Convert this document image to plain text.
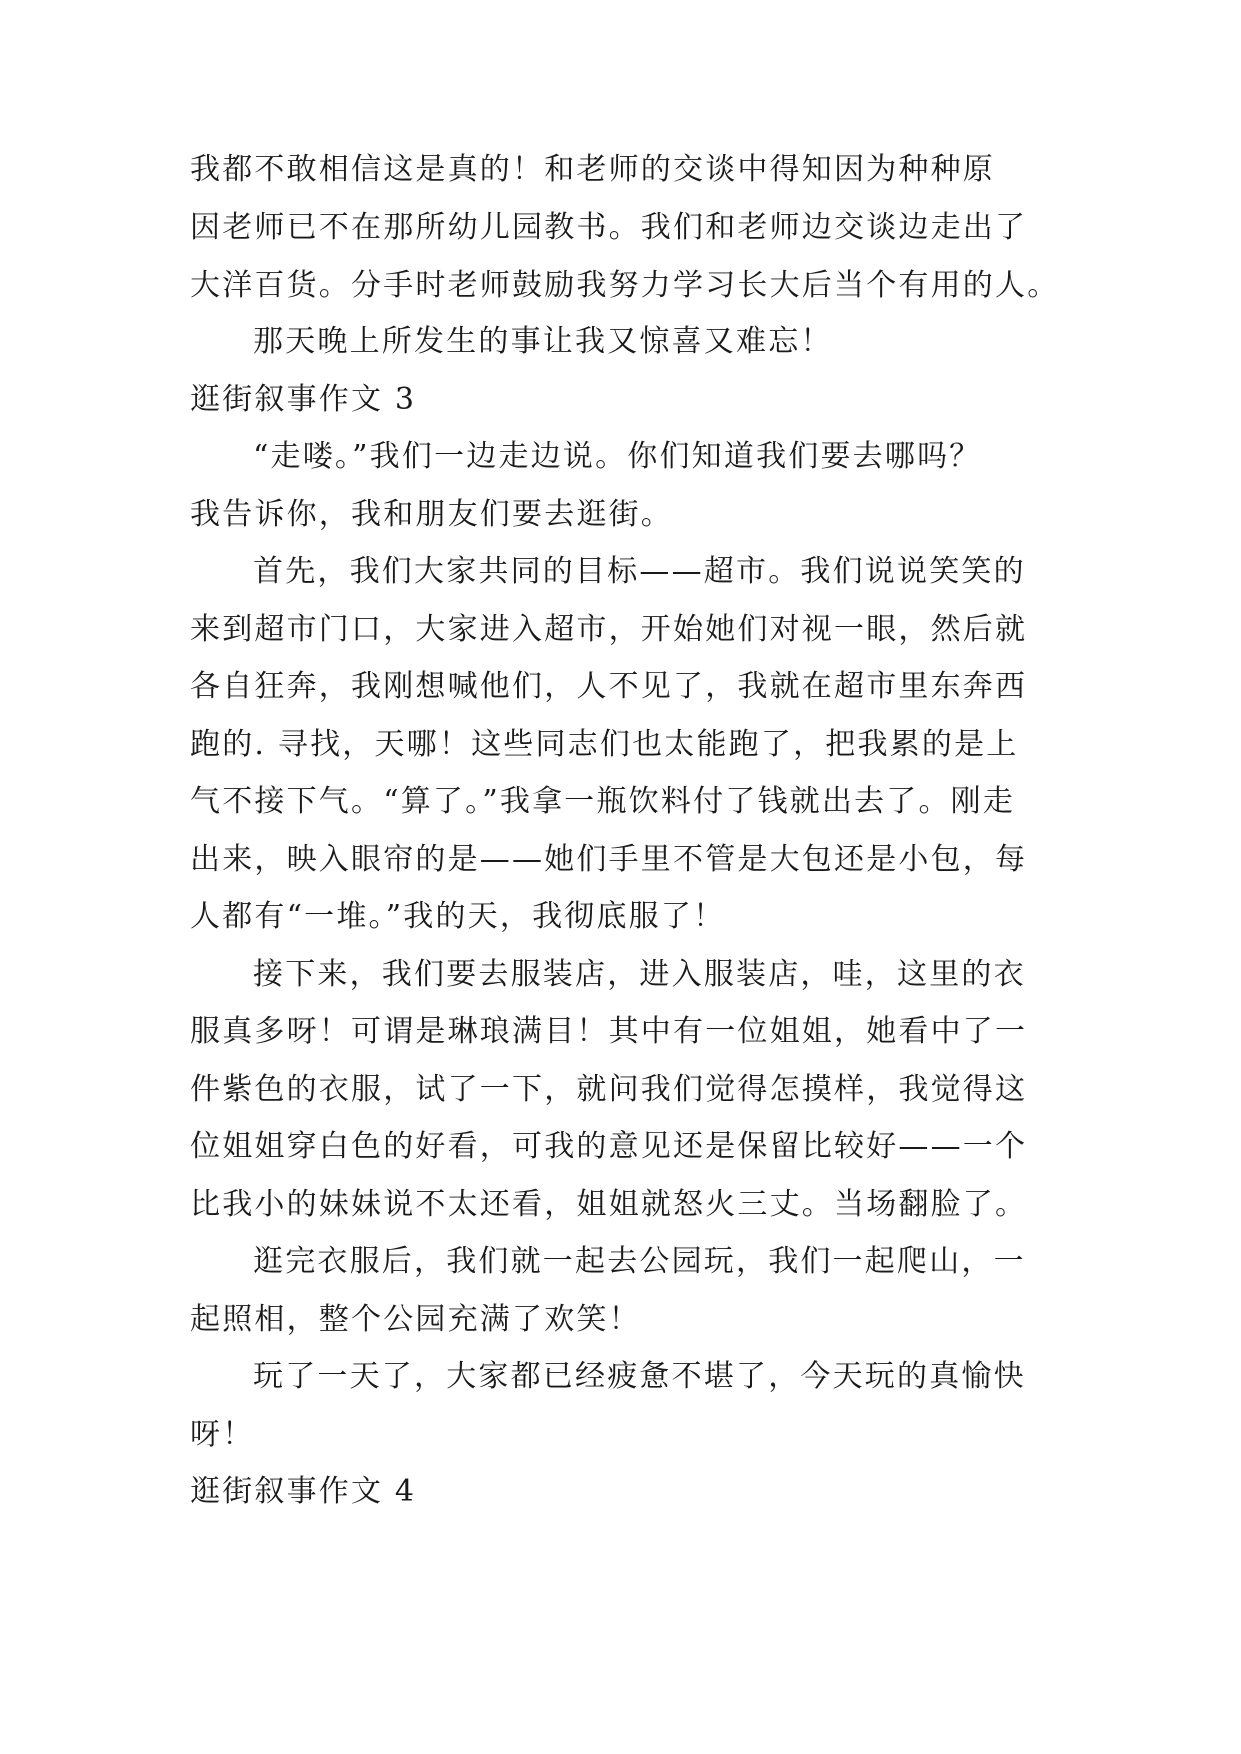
我都不敢相信这是真的！和老师的交谈中得知因为种种原
因老师已不在那所幼儿园教书。我们和老师边交谈边走出了
大洋百货。分手时老师鼓励我努力学习长大后当个有用的人。
那天晚上所发生的事让我又惊喜又难忘！
逛街叙事作文 3
“走喽。”我们一边走边说。你们知道我们要去哪吗？
我告诉你，我和朋友们要去逛街。
首先，我们大家共同的目标——超市。我们说说笑笑的
来到超市门口，大家进入超市，开始她们对视一眼，然后就
各自狂奔，我刚想喊他们，人不见了，我就在超市里东奔西
跑的. 寻找，天哪！这些同志们也太能跑了，把我累的是上
气不接下气。“算了。”我拿一瓶饮料付了钱就出去了。刚走
出来，映入眼帘的是——她们手里不管是大包还是小包，每
人都有“一堆。”我的天，我彻底服了！
接下来，我们要去服装店，进入服装店，哇，这里的衣
服真多呀！可谓是琳琅满目！其中有一位姐姐，她看中了一
件紫色的衣服，试了一下，就问我们觉得怎摸样，我觉得这
位姐姐穿白色的好看，可我的意见还是保留比较好——一个
比我小的妹妹说不太还看，姐姐就怒火三丈。当场翻脸了。
逛完衣服后，我们就一起去公园玩，我们一起爬山，一
起照相，整个公园充满了欢笑！
玩了一天了，大家都已经疲惫不堪了，今天玩的真愉快
呀！
逛街叙事作文 4
